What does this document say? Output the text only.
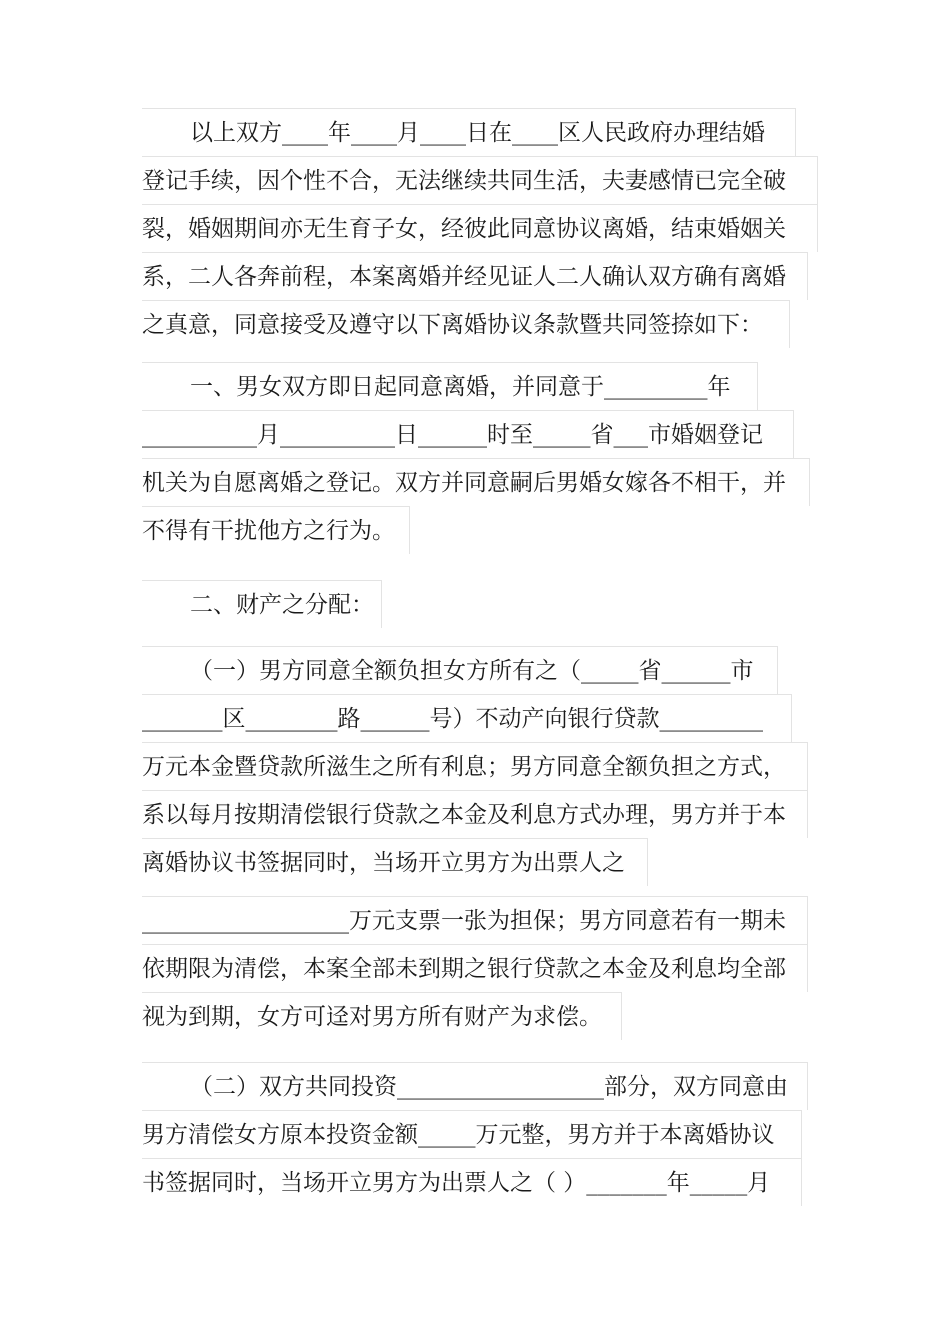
以上双方____年____月____日在____区人民政府办理结婚
登记手续，因个性不合，无法继续共同生活，夫妻感情已完全破
裂，婚姻期间亦无生育子女，经彼此同意协议离婚，结束婚姻关
系，二人各奔前程，本案离婚并经见证人二人确认双方确有离婚
之真意，同意接受及遵守以下离婚协议条款暨共同签捺如下：
一、男女双方即日起同意离婚，并同意于_________年
__________月__________日______时至_____省___市婚姻登记
机关为自愿离婚之登记。双方并同意嗣后男婚女嫁各不相干，并
不得有干扰他方之行为。
二、财产之分配：
（一）男方同意全额负担女方所有之（_____省______市
_______区________路______号）不动产向银行贷款_________
万元本金暨贷款所滋生之所有利息；男方同意全额负担之方式，
系以每月按期清偿银行贷款之本金及利息方式办理，男方并于本
离婚协议书签据同时，当场开立男方为出票人之
__________________万元支票一张为担保；男方同意若有一期未
依期限为清偿，本案全部未到期之银行贷款之本金及利息均全部
视为到期，女方可迳对男方所有财产为求偿。
（二）双方共同投资__________________部分，双方同意由
男方清偿女方原本投资金额_____万元整，男方并于本离婚协议
书签据同时，当场开立男方为出票人之（ ）_______年_____月
